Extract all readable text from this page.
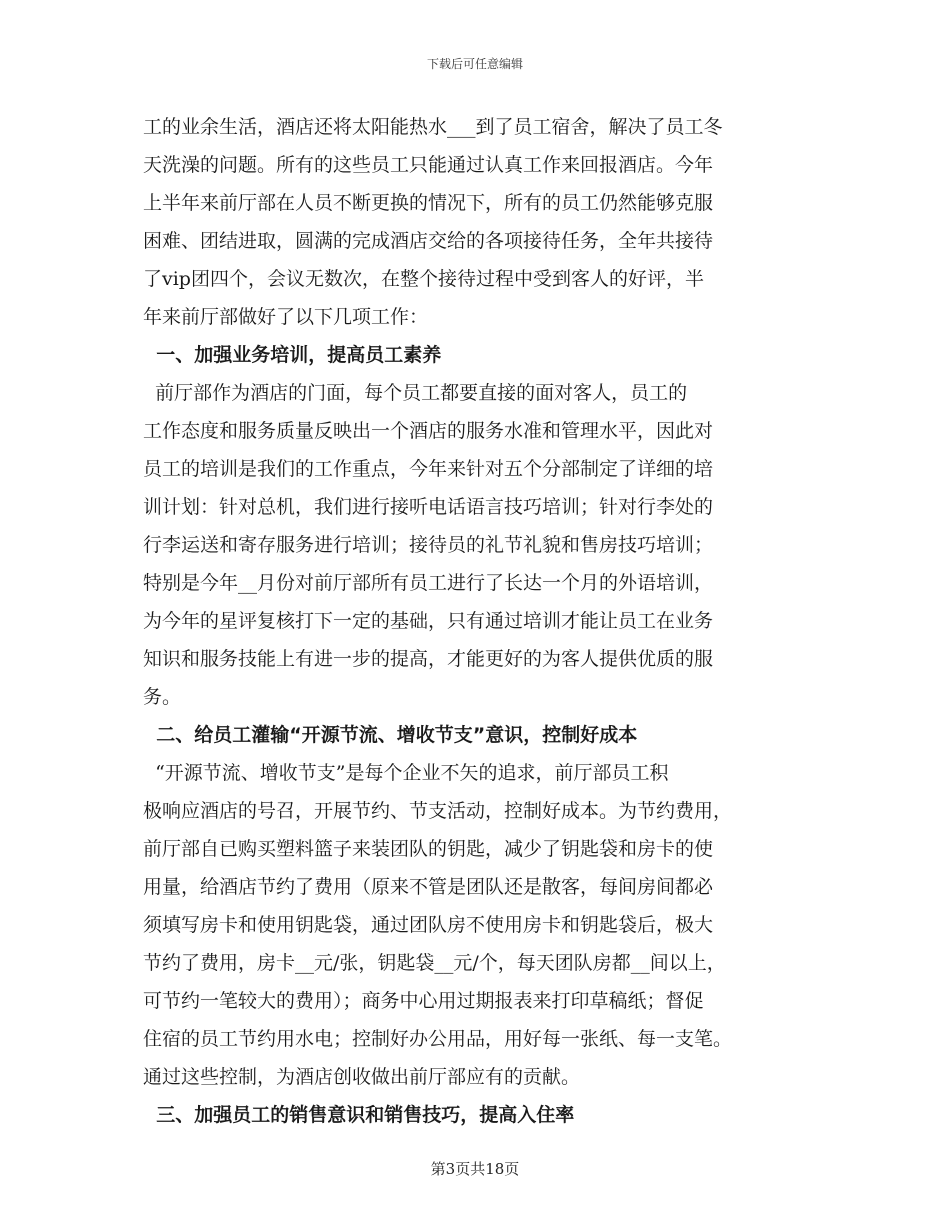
下载后可任意编辑

工的业余生活，酒店还将太阳能热水___到了员工宿舍，解决了员工冬

天洗澡的问题。所有的这些员工只能通过认真工作来回报酒店。今年

上半年来前厅部在人员不断更换的情况下，所有的员工仍然能够克服

困难、团结进取，圆满的完成酒店交给的各项接待任务，全年共接待

了vip团四个，会议无数次，在整个接待过程中受到客人的好评，半

年来前厅部做好了以下几项工作：

一、加强业务培训，提高员工素养

前厅部作为酒店的门面，每个员工都要直接的面对客人，员工的

工作态度和服务质量反映出一个酒店的服务水准和管理水平，因此对

员工的培训是我们的工作重点，今年来针对五个分部制定了详细的培

训计划：针对总机，我们进行接听电话语言技巧培训；针对行李处的

行李运送和寄存服务进行培训；接待员的礼节礼貌和售房技巧培训；

特别是今年__月份对前厅部所有员工进行了长达一个月的外语培训，

为今年的星评复核打下一定的基础，只有通过培训才能让员工在业务

知识和服务技能上有进一步的提高，才能更好的为客人提供优质的服

务。

二、给员工灌输“开源节流、增收节支”意识，控制好成本

“开源节流、增收节支”是每个企业不矢的追求，前厅部员工积

极响应酒店的号召，开展节约、节支活动，控制好成本。为节约费用，

前厅部自已购买塑料篮子来装团队的钥匙，减少了钥匙袋和房卡的使

用量，给酒店节约了费用（原来不管是团队还是散客，每间房间都必

须填写房卡和使用钥匙袋，通过团队房不使用房卡和钥匙袋后，极大

节约了费用，房卡__元/张，钥匙袋__元/个，每天团队房都__间以上，

可节约一笔较大的费用）；商务中心用过期报表来打印草稿纸；督促

住宿的员工节约用水电；控制好办公用品，用好每一张纸、每一支笔。

通过这些控制，为酒店创收做出前厅部应有的贡献。

三、加强员工的销售意识和销售技巧，提高入住率

第3页共18页
